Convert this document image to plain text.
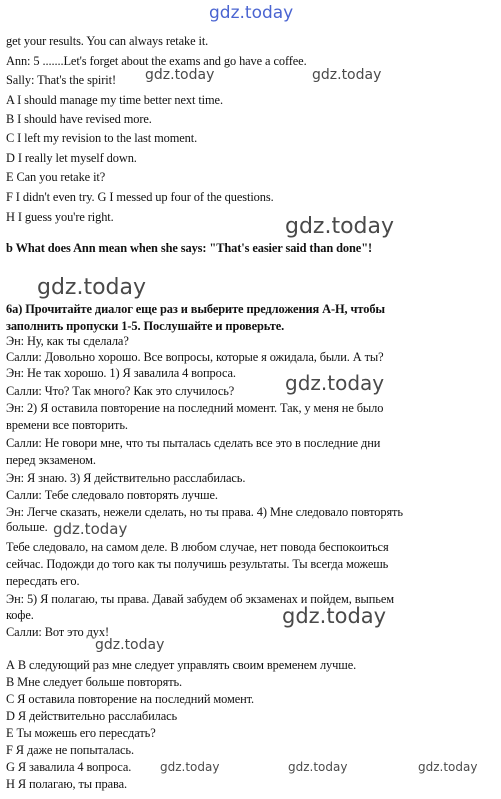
gdz.today
gdz.today	gdz.today
gdz.today
gdz.today
gdz.today
gdz.today
gdz.today
gdz.today
gdz.today	gdz.today	gdz.today
get your results. You can always retake it.
Ann: 5 .......Let's forget about the exams and go have a coffee.
Sally: That's the spirit!
A I should manage my time better next time.
B I should have revised more.
C I left my revision to the last moment.
D I really let myself down.
E Can you retake it?
F I didn't even try. G I messed up four of the questions.
H I guess you're right.
b What does Ann mean when she says: "That's easier said than done"!
6а) Прочитайте диалог еще раз и выберите предложения А-Н, чтобы
заполнить пропуски 1-5. Послушайте и проверьте.
Эн: Ну, как ты сделала?
Салли: Довольно хорошо. Все вопросы, которые я ожидала, были. А ты?
Эн: Не так хорошо. 1) Я завалила 4 вопроса.
Салли: Что? Так много? Как это случилось?
Эн: 2) Я оставила повторение на последний момент. Так, у меня не было
времени все повторить.
Салли: Не говори мне, что ты пыталась сделать все это в последние дни
перед экзаменом.
Эн: Я знаю. 3) Я действительно расслабилась.
Салли: Тебе следовало повторять лучше.
Эн: Легче сказать, нежели сделать, но ты права. 4) Мне следовало повторять
больше.
Тебе следовало, на самом деле. В любом случае, нет повода беспокоиться
сейчас. Подожди до того как ты получишь результаты. Ты всегда можешь
пересдать его.
Эн: 5) Я полагаю, ты права. Давай забудем об экзаменах и пойдем, выпьем
кофе.
Салли: Вот это дух!
А В следующий раз мне следует управлять своим временем лучше.
В Мне следует больше повторять.
С Я оставила повторение на последний момент.
D Я действительно расслабилась
Е Ты можешь его пересдать?
F Я даже не попыталась.
G Я завалила 4 вопроса.
Н Я полагаю, ты права.
